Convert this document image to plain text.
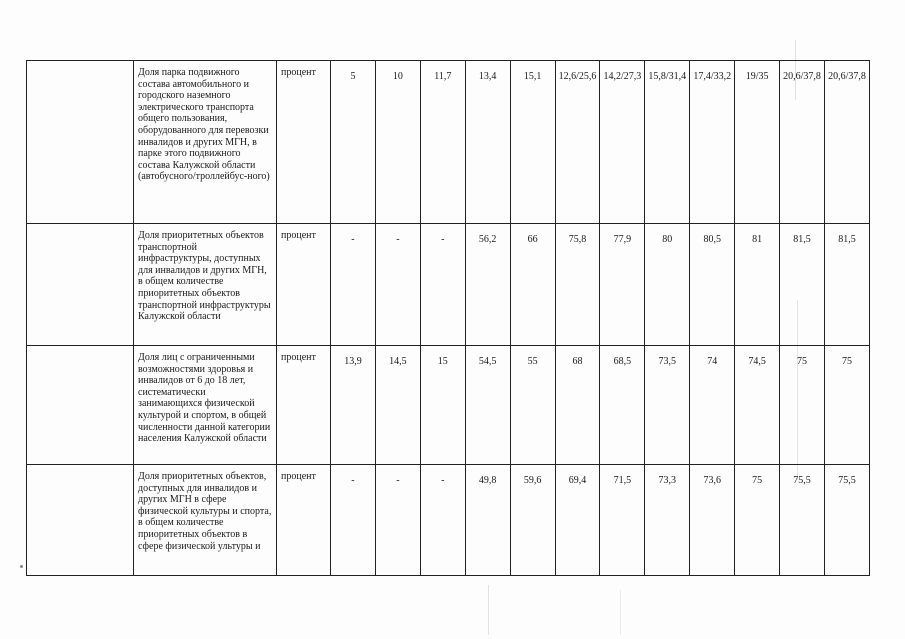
	Доля парка подвижного состава автомобильного и городского наземного электрического транспорта общего пользования, оборудованного для перевозки инвалидов и других МГН, в парке этого подвижного состава Калужской области (автобусного/троллейбус-ного)	процент	5	10	11,7	13,4	15,1	12,6/25,6	14,2/27,3	15,8/31,4	17,4/33,2	19/35	20,6/37,8	20,6/37,8
	Доля приоритетных объектов транспортной инфраструктуры, доступных для инвалидов и других МГН, в общем количестве приоритетных объектов транспортной инфраструктуры Калужской области	процент	-	-	-	56,2	66	75,8	77,9	80	80,5	81	81,5	81,5
	Доля лиц с ограниченными возможностями здоровья и инвалидов от 6 до 18 лет, систематически занимающихся физической культурой и спортом, в общей численности данной категории населения Калужской области	процент	13,9	14,5	15	54,5	55	68	68,5	73,5	74	74,5	75	75
	Доля приоритетных объектов, доступных для инвалидов и других МГН в сфере физической культуры и спорта, в общем количестве приоритетных объектов в сфере физической ультуры и	процент	-	-	-	49,8	59,6	69,4	71,5	73,3	73,6	75	75,5	75,5
